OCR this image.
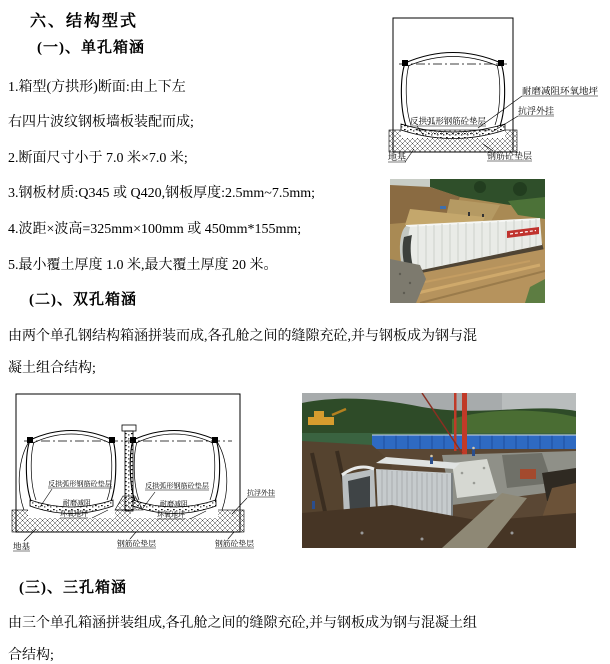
六、结构型式
(一)、单孔箱涵
1.箱型(方拱形)断面:由上下左
右四片波纹钢板墙板装配而成;
2.断面尺寸小于 7.0 米×7.0 米;
3.钢板材质:Q345 或 Q420,钢板厚度:2.5mm~7.5mm;
4.波距×波高=325mm×100mm 或 450mm*155mm;
5.最小覆土厚度 1.0 米,最大覆土厚度 20 米。
(二)、双孔箱涵
由两个单孔钢结构箱涵拼装而成,各孔舱之间的缝隙充砼,并与钢板成为钢与混
凝土组合结构;
(三)、三孔箱涵
由三个单孔箱涵拼装组成,各孔舱之间的缝隙充砼,并与钢板成为钢与混凝土组
合结构;
耐磨减阻环氧地坪
抗浮外挂
反拱弧形钢筋砼垫层
地基	钢筋砼垫层
反拱弧形钢筋砼垫层
耐磨减阻
环氧地坪
反拱弧形钢筋砼垫层
耐磨减阻
环氧地坪
抗浮外挂
地基	钢筋砼垫层	钢筋砼垫层
